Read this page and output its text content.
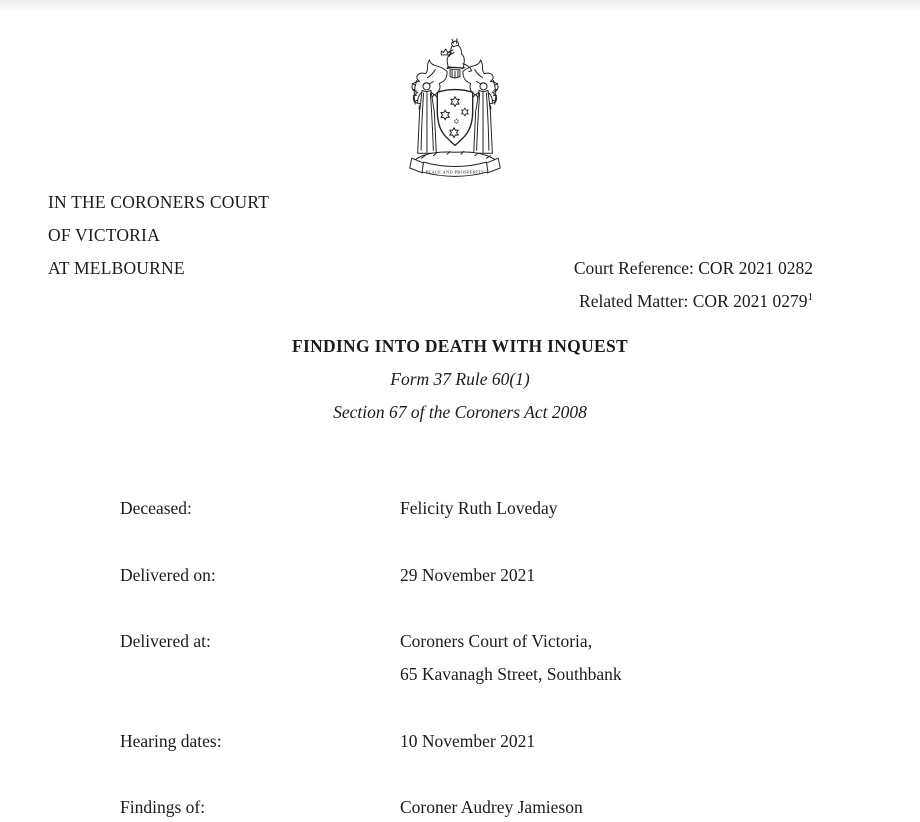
PEACE AND PROSPERITY
IN THE CORONERS COURT
OF VICTORIA
AT MELBOURNE	Court Reference: COR 2021 0282
Related Matter: COR 2021 0279$^1$
FINDING INTO DEATH WITH INQUEST
Form 37 Rule 60(1)
Section 67 of the Coroners Act 2008
Deceased:	Felicity Ruth Loveday
Delivered on:	29 November 2021
Delivered at:	Coroners Court of Victoria,
65 Kavanagh Street, Southbank
Hearing dates:	10 November 2021
Findings of:	Coroner Audrey Jamieson
